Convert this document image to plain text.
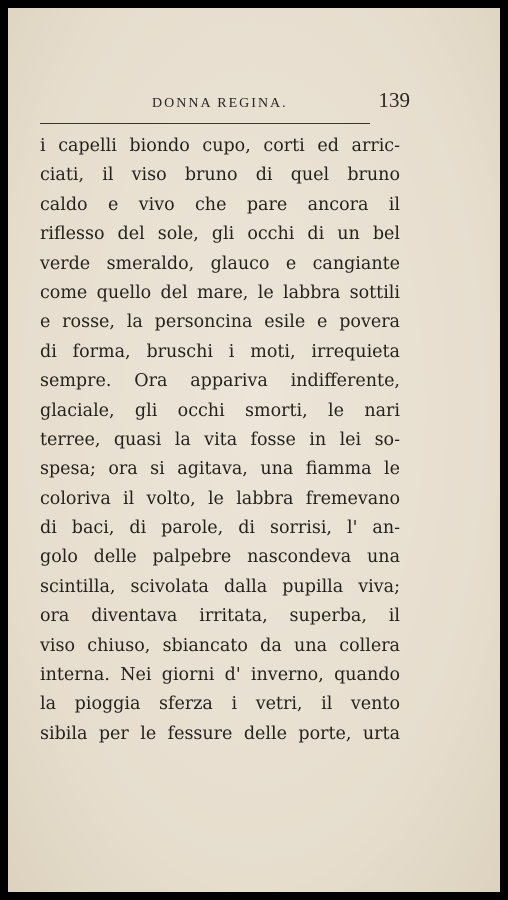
DONNA REGINA.	139
i capelli biondo cupo, corti ed arric-
ciati, il viso bruno di quel bruno
caldo e vivo che pare ancora il
riflesso del sole, gli occhi di un bel
verde smeraldo, glauco e cangiante
come quello del mare, le labbra sottili
e rosse, la personcina esile e povera
di forma, bruschi i moti, irrequieta
sempre. Ora appariva indifferente,
glaciale, gli occhi smorti, le nari
terree, quasi la vita fosse in lei so-
spesa; ora si agitava, una fiamma le
coloriva il volto, le labbra fremevano
di baci, di parole, di sorrisi, l' an-
golo delle palpebre nascondeva una
scintilla, scivolata dalla pupilla viva;
ora diventava irritata, superba, il
viso chiuso, sbiancato da una collera
interna. Nei giorni d' inverno, quando
la pioggia sferza i vetri, il vento
sibila per le fessure delle porte, urta
